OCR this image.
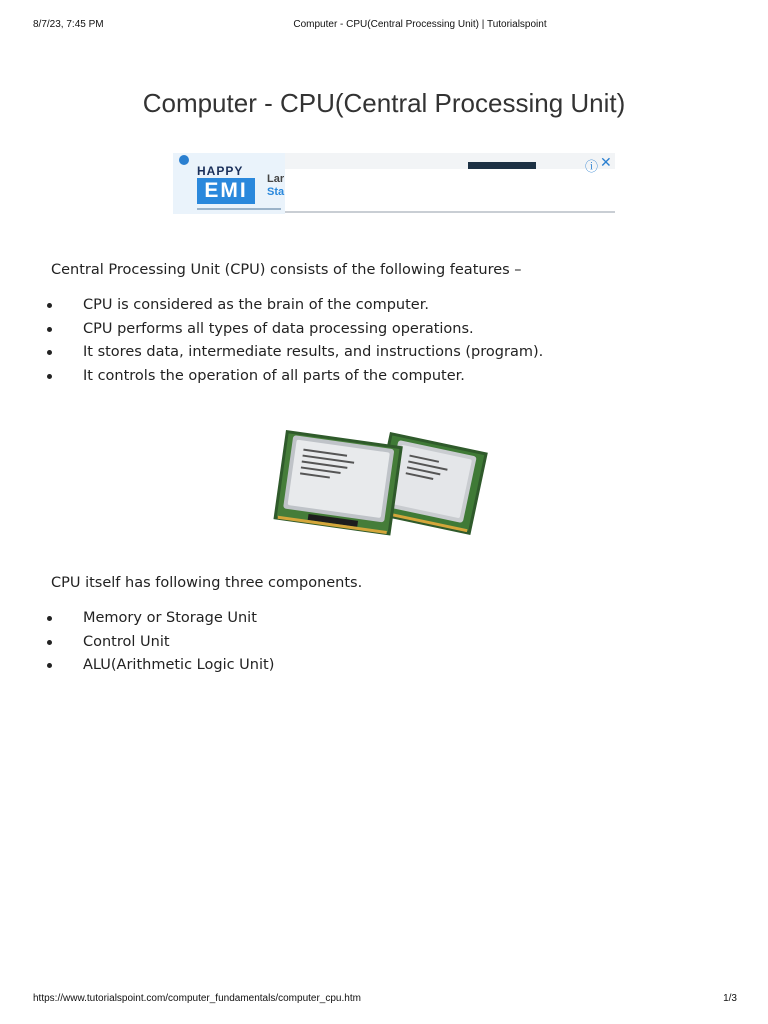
8/7/23, 7:45 PM	Computer - CPU(Central Processing Unit) | Tutorialspoint
Computer - CPU(Central Processing Unit)
HAPPY
EMI	Lar
Sta
ⓘ ✕

Central Processing Unit (CPU) consists of the following features –

CPU is considered as the brain of the computer.
CPU performs all types of data processing operations.
It stores data, intermediate results, and instructions (program).
It controls the operation of all parts of the computer.

CPU itself has following three components.

Memory or Storage Unit
Control Unit
ALU(Arithmetic Logic Unit)
https://www.tutorialspoint.com/computer_fundamentals/computer_cpu.htm	1/3
